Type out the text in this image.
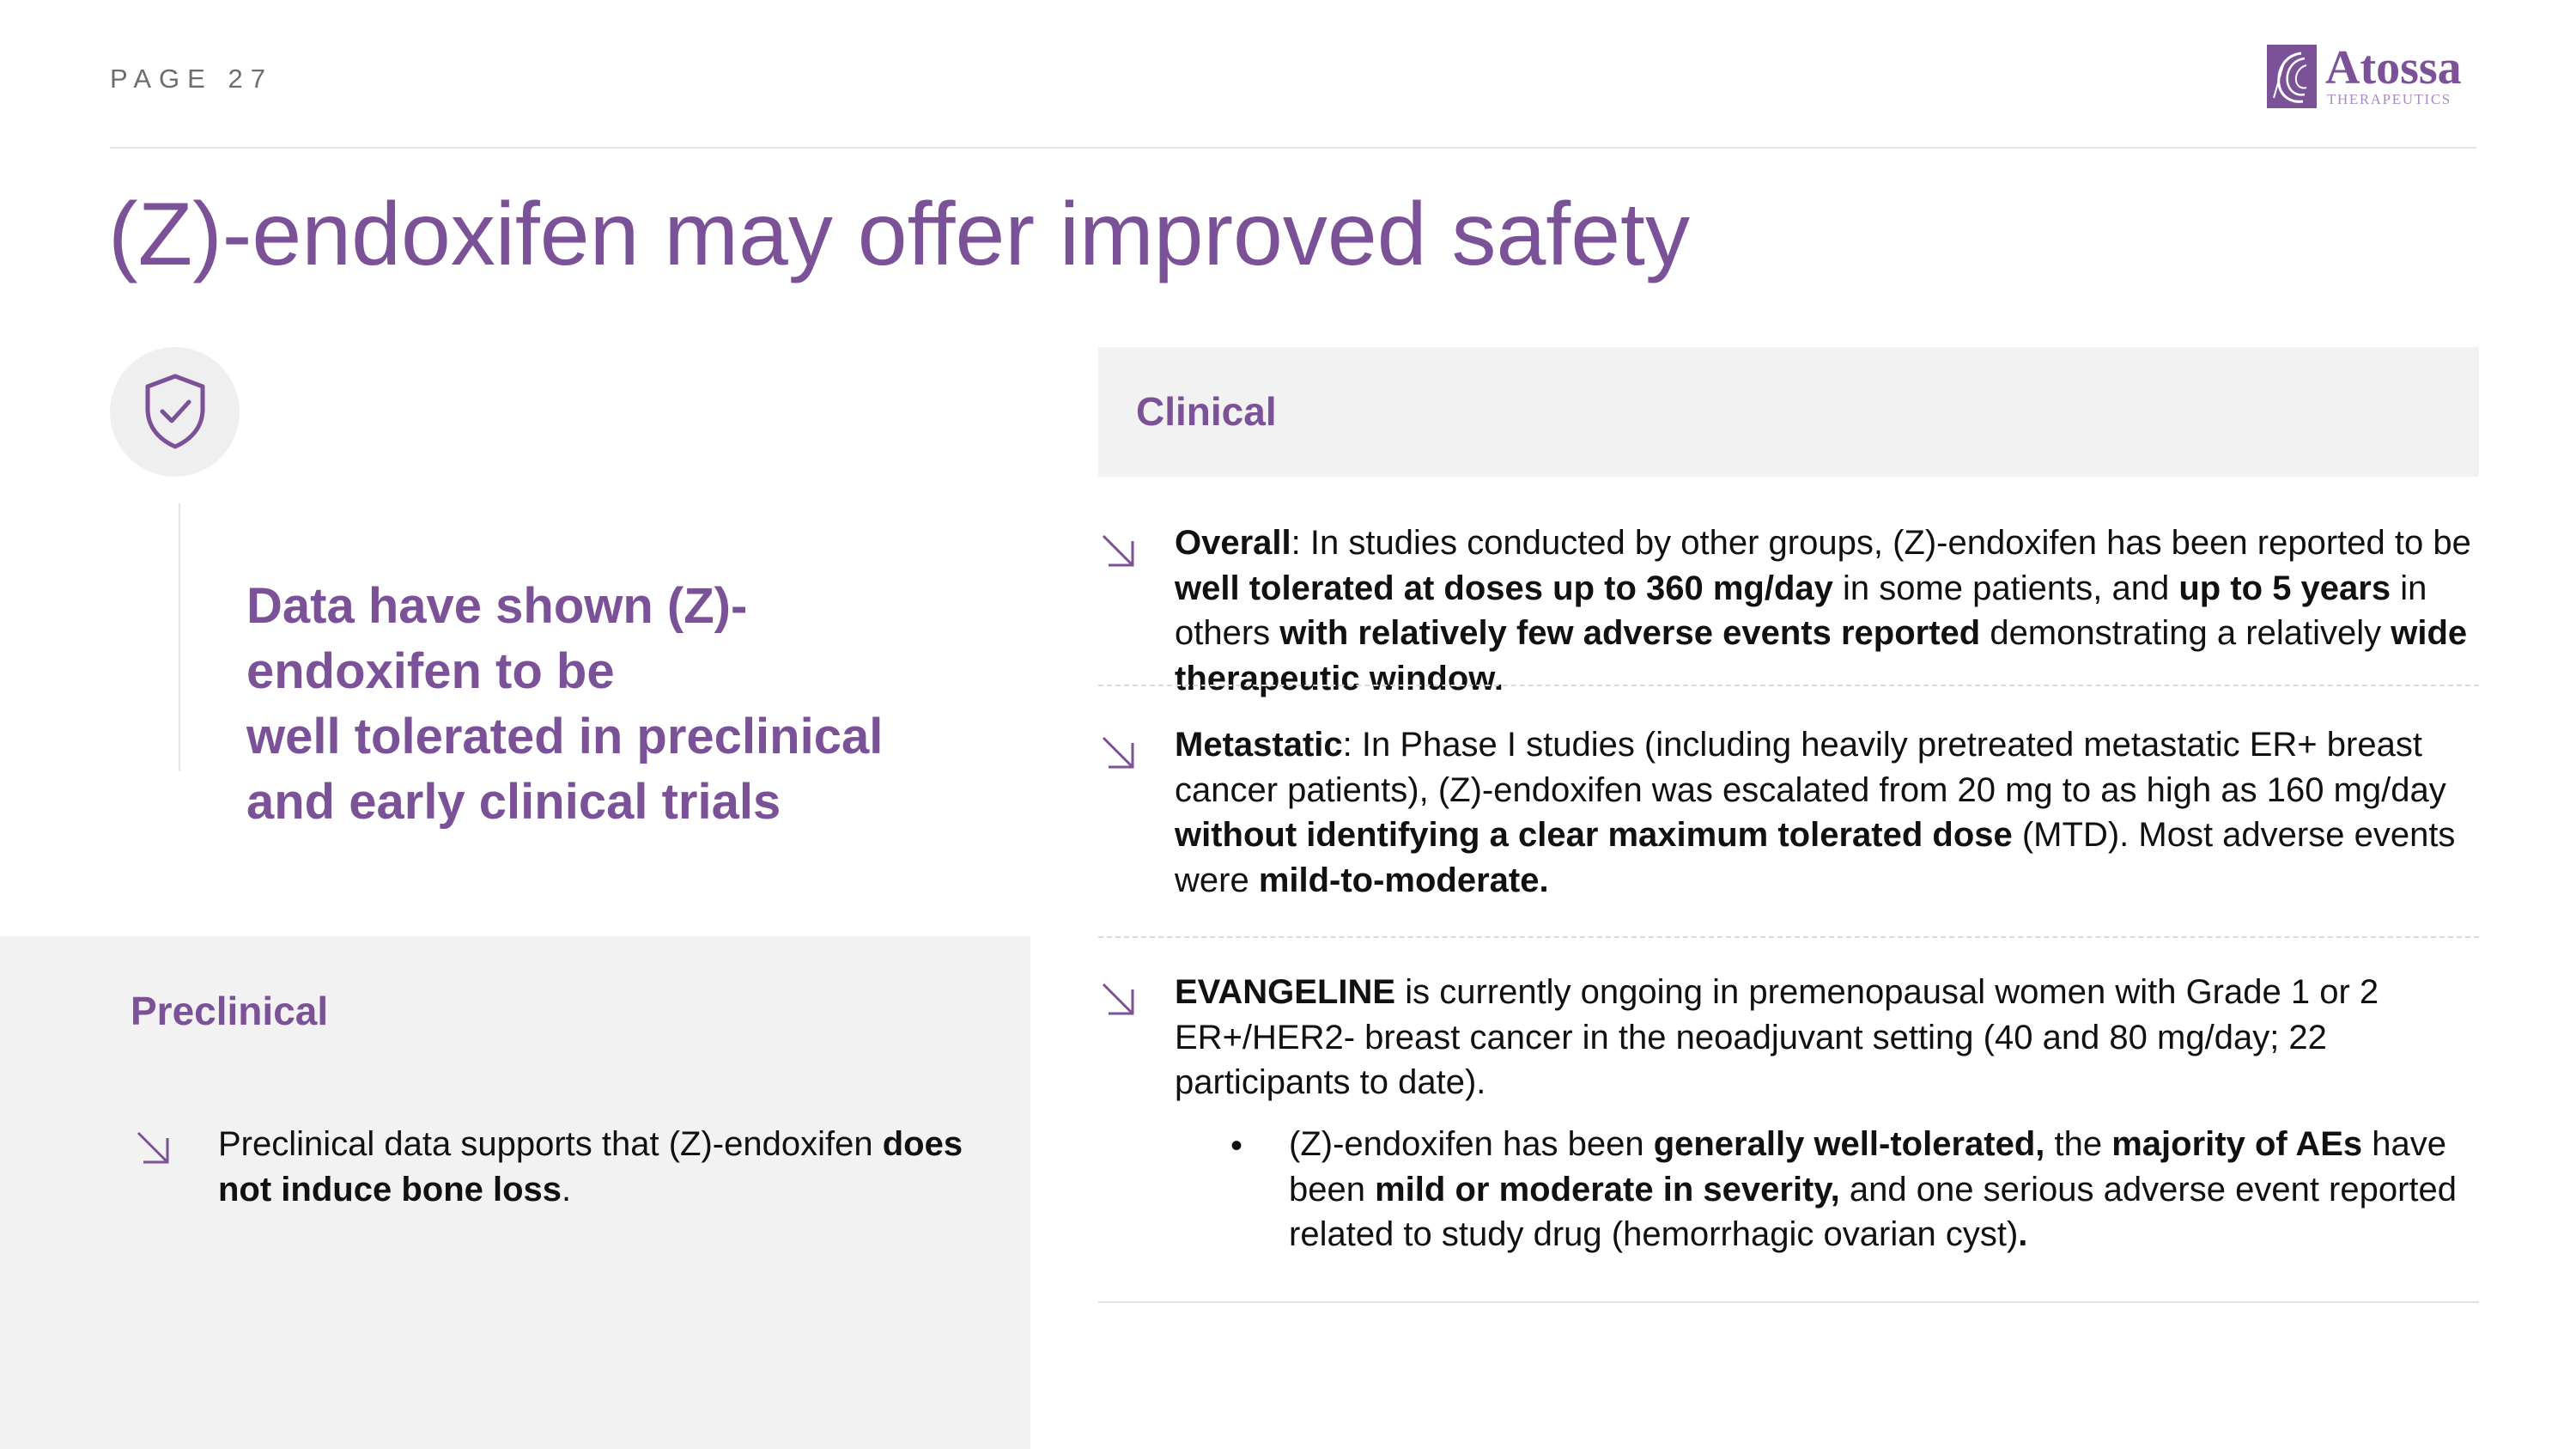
PAGE 27	Atossa
THERAPEUTICS
(Z)-endoxifen may offer improved safety
Data have shown (Z)-
endoxifen to be
well tolerated in preclinical
and early clinical trials
Preclinical
Preclinical data supports that (Z)-endoxifen does not induce bone loss.
Clinical
Overall: In studies conducted by other groups, (Z)-endoxifen has been reported to be well tolerated at doses up to 360 mg/day in some patients, and up to 5 years in others with relatively few adverse events reported demonstrating a relatively wide therapeutic window.
Metastatic: In Phase I studies (including heavily pretreated metastatic ER+ breast cancer patients), (Z)-endoxifen was escalated from 20 mg to as high as 160 mg/day without identifying a clear maximum tolerated dose (MTD). Most adverse events were mild-to-moderate.
EVANGELINE is currently ongoing in premenopausal women with Grade 1 or 2 ER+/HER2- breast cancer in the neoadjuvant setting (40 and 80 mg/day; 22 participants to date).
• (Z)-endoxifen has been generally well-tolerated, the majority of AEs have been mild or moderate in severity, and one serious adverse event reported related to study drug (hemorrhagic ovarian cyst).
